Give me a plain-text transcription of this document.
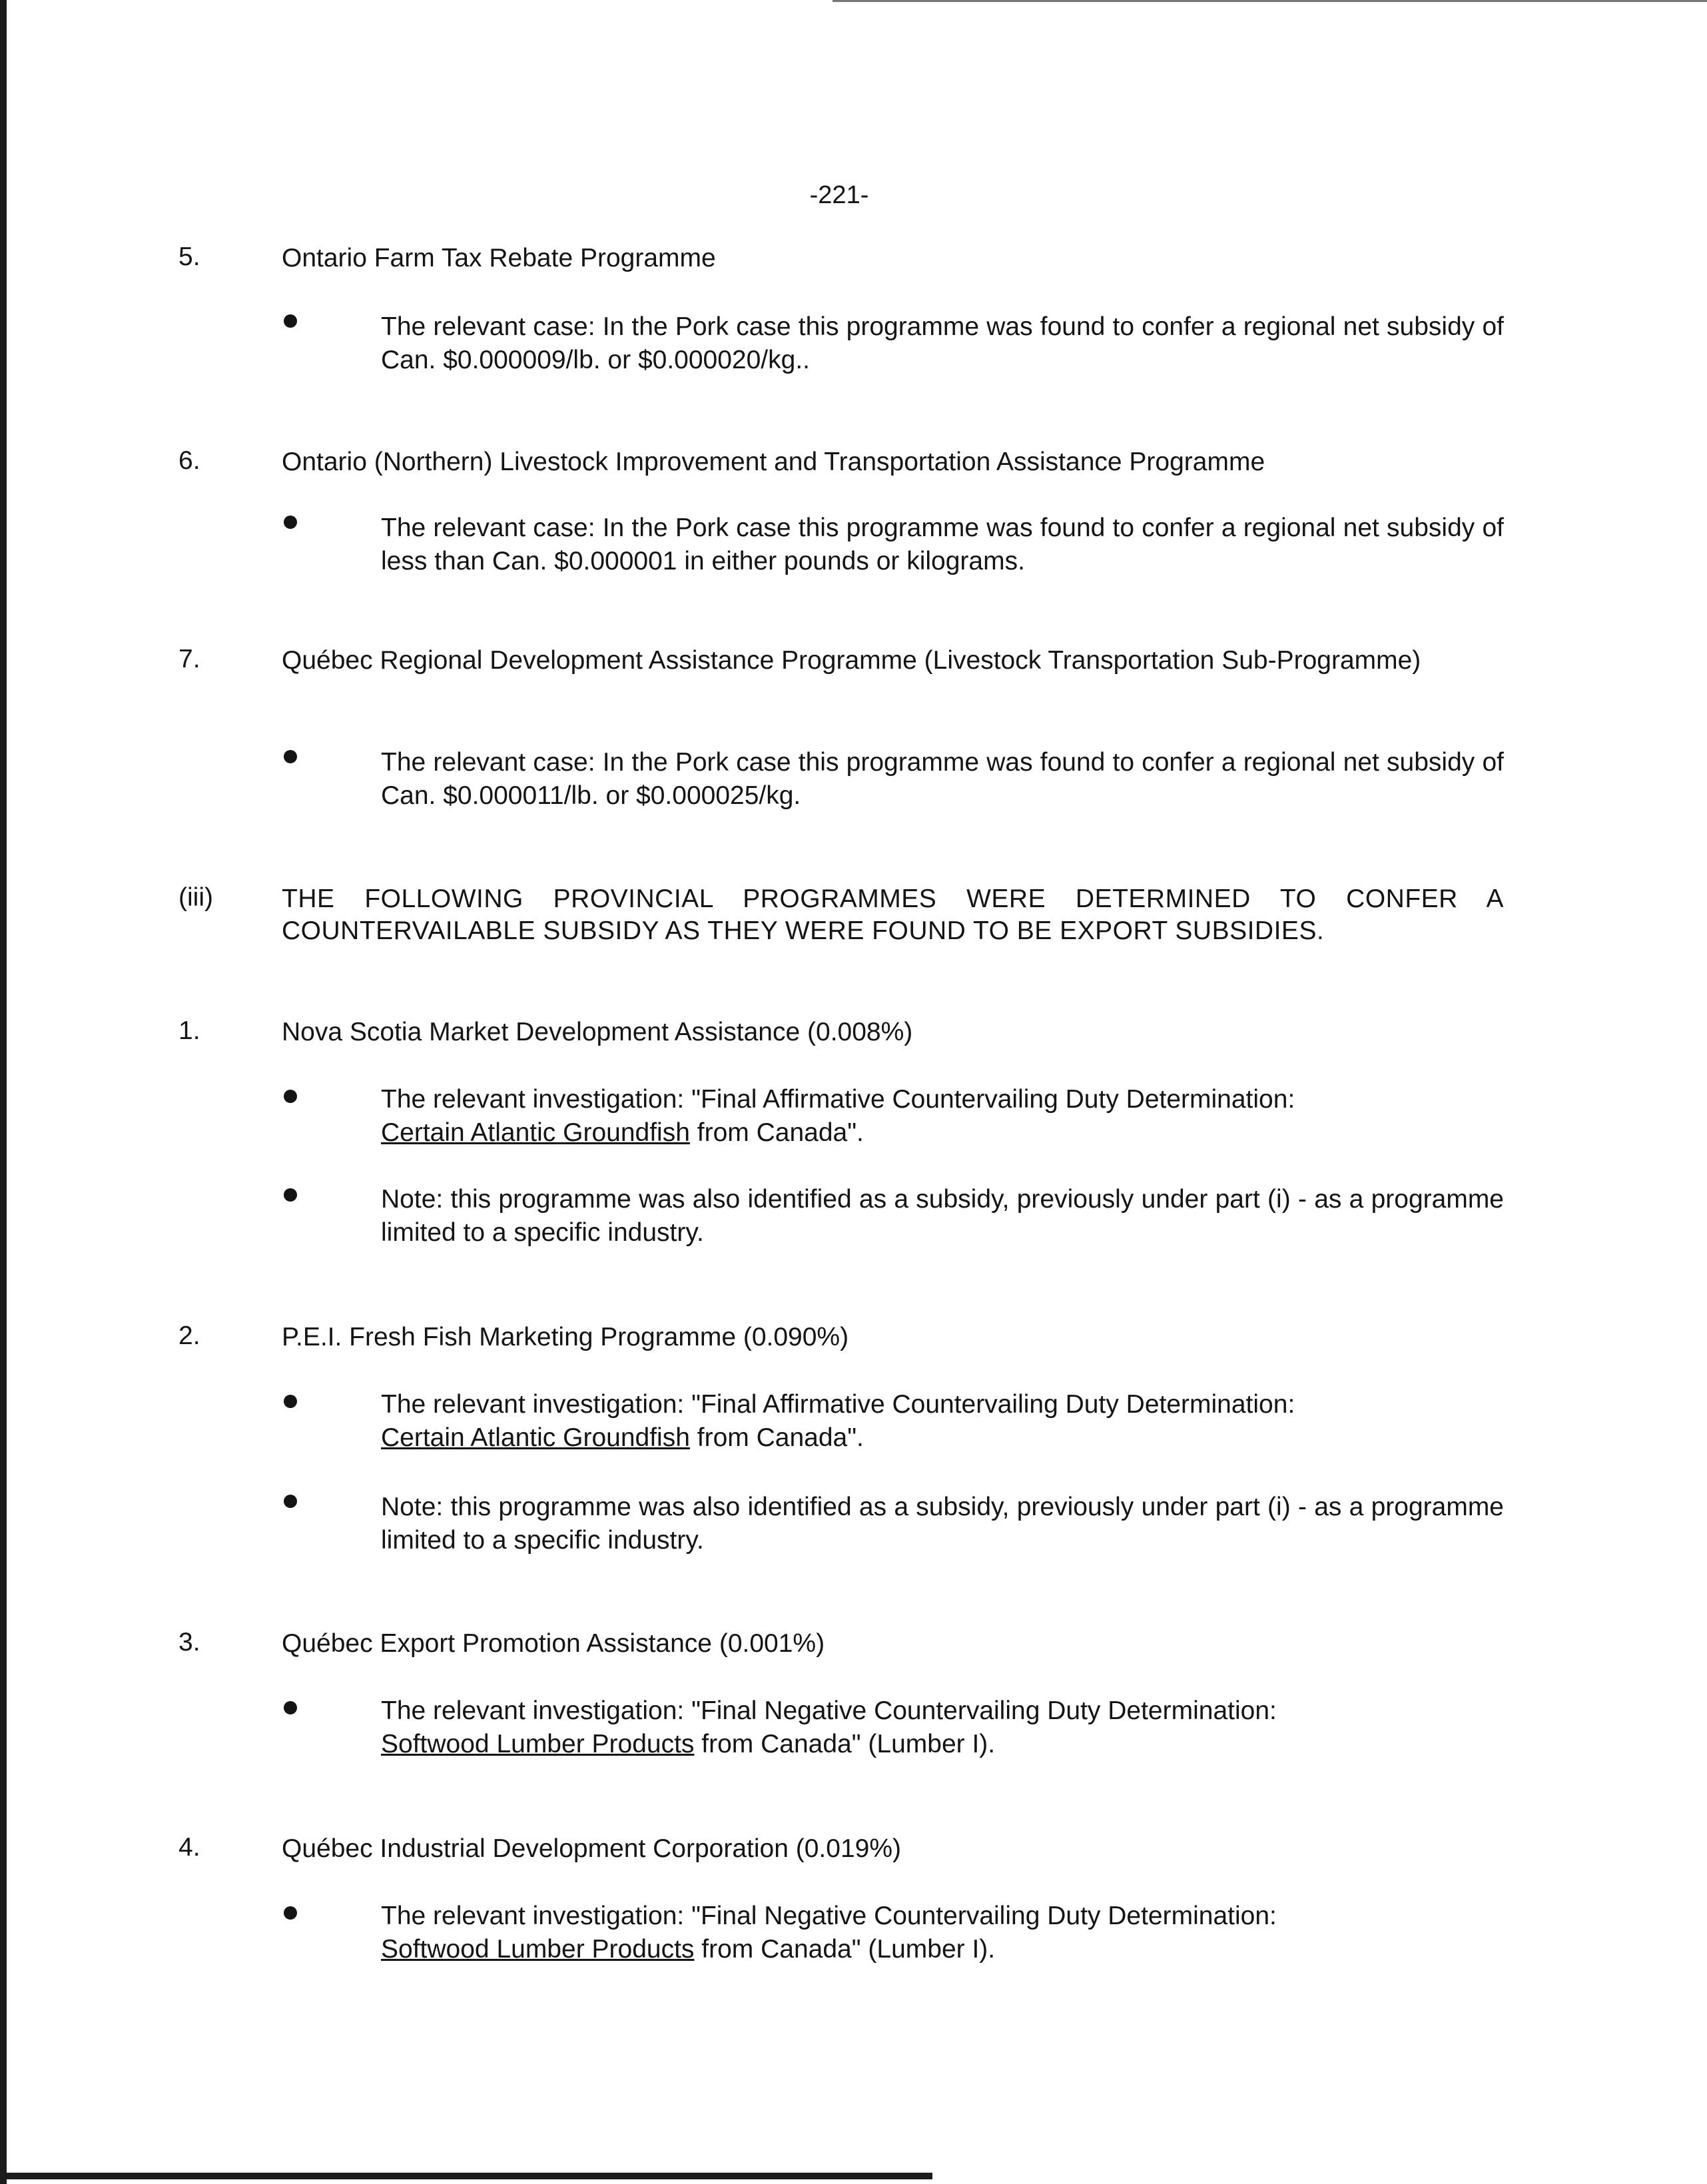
-221-
5.	Ontario Farm Tax Rebate Programme
The relevant case: In the Pork case this programme was found to confer a regional net subsidy of Can. $0.000009/lb. or $0.000020/kg..
6.	Ontario (Northern) Livestock Improvement and Transportation Assistance Programme
The relevant case: In the Pork case this programme was found to confer a regional net subsidy of less than Can. $0.000001 in either pounds or kilograms.
7.	Québec Regional Development Assistance Programme (Livestock Transportation Sub-Programme)
The relevant case: In the Pork case this programme was found to confer a regional net subsidy of Can. $0.000011/lb. or $0.000025/kg.
(iii)	THE FOLLOWING PROVINCIAL PROGRAMMES WERE DETERMINED TO CONFER A COUNTERVAILABLE SUBSIDY AS THEY WERE FOUND TO BE EXPORT SUBSIDIES.
1.	Nova Scotia Market Development Assistance (0.008%)
The relevant investigation: "Final Affirmative Countervailing Duty Determination:
Certain Atlantic Groundfish from Canada".
Note: this programme was also identified as a subsidy, previously under part (i) - as a programme limited to a specific industry.
2.	P.E.I. Fresh Fish Marketing Programme (0.090%)
The relevant investigation: "Final Affirmative Countervailing Duty Determination:
Certain Atlantic Groundfish from Canada".
Note: this programme was also identified as a subsidy, previously under part (i) - as a programme limited to a specific industry.
3.	Québec Export Promotion Assistance (0.001%)
The relevant investigation: "Final Negative Countervailing Duty Determination:
Softwood Lumber Products from Canada" (Lumber I).
4.	Québec Industrial Development Corporation (0.019%)
The relevant investigation: "Final Negative Countervailing Duty Determination:
Softwood Lumber Products from Canada" (Lumber I).
